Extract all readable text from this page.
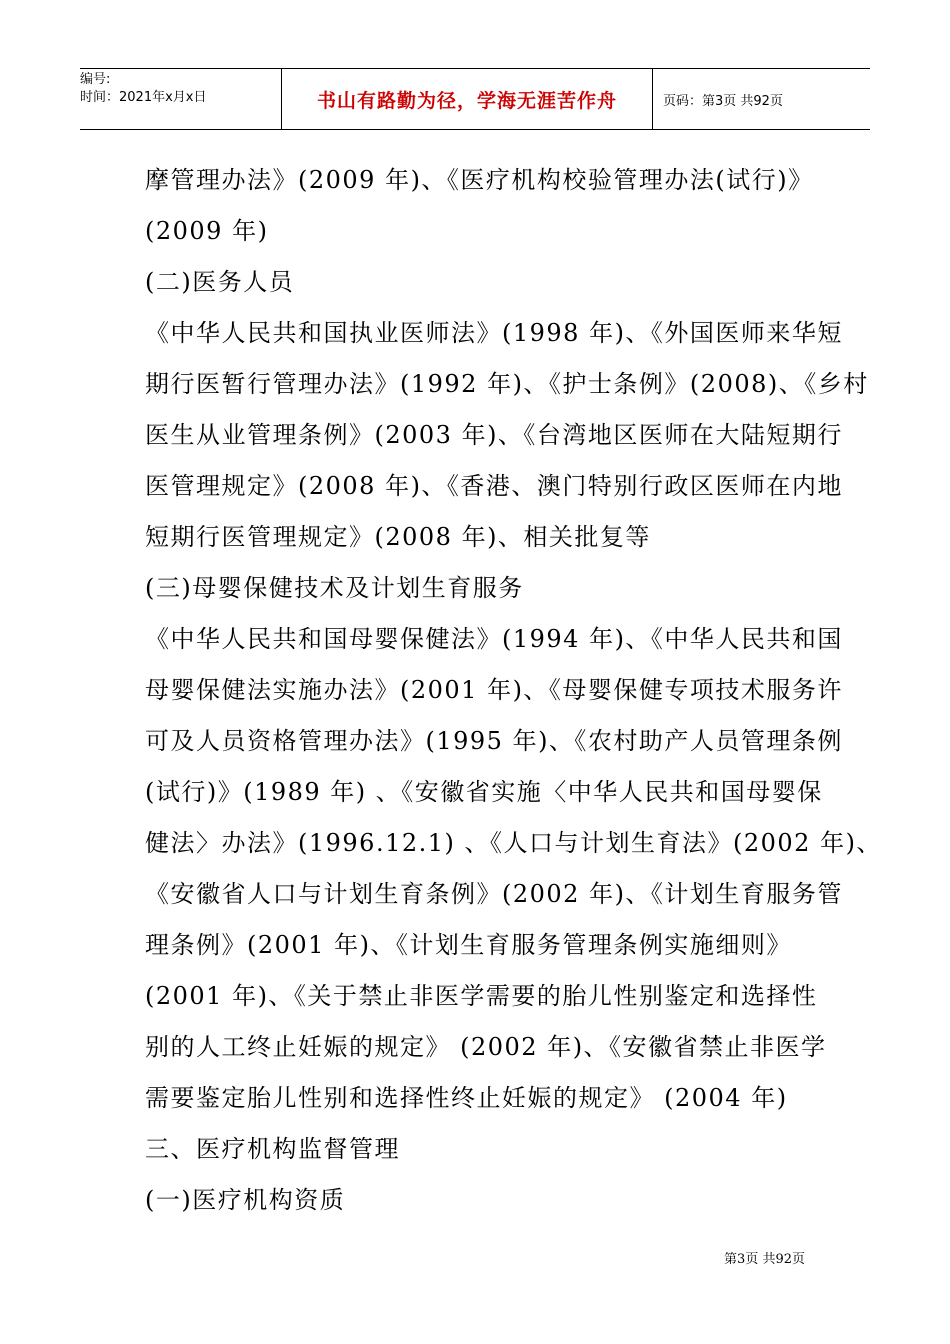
编号:
时间：2021年x月x日	书山有路勤为径，学海无涯苦作舟	页码：第3页 共92页
摩管理办法》(2009 年)、《医疗机构校验管理办法(试行)》
(2009 年)
(二)医务人员
《中华人民共和国执业医师法》(1998 年)、《外国医师来华短
期行医暂行管理办法》(1992 年)、《护士条例》(2008)、《乡村
医生从业管理条例》(2003 年)、《台湾地区医师在大陆短期行
医管理规定》(2008 年)、《香港、澳门特别行政区医师在内地
短期行医管理规定》(2008 年)、相关批复等
(三)母婴保健技术及计划生育服务
《中华人民共和国母婴保健法》(1994 年)、《中华人民共和国
母婴保健法实施办法》(2001 年)、《母婴保健专项技术服务许
可及人员资格管理办法》(1995 年)、《农村助产人员管理条例
(试行)》(1989 年) 、《安徽省实施〈中华人民共和国母婴保
健法〉办法》(1996.12.1) 、《人口与计划生育法》(2002 年)、
《安徽省人口与计划生育条例》(2002 年)、《计划生育服务管
理条例》(2001 年)、《计划生育服务管理条例实施细则》
(2001 年)、《关于禁止非医学需要的胎儿性别鉴定和选择性
别的人工终止妊娠的规定》 (2002 年)、《安徽省禁止非医学
需要鉴定胎儿性别和选择性终止妊娠的规定》 (2004 年)
三、医疗机构监督管理
(一)医疗机构资质
第3页 共92页
